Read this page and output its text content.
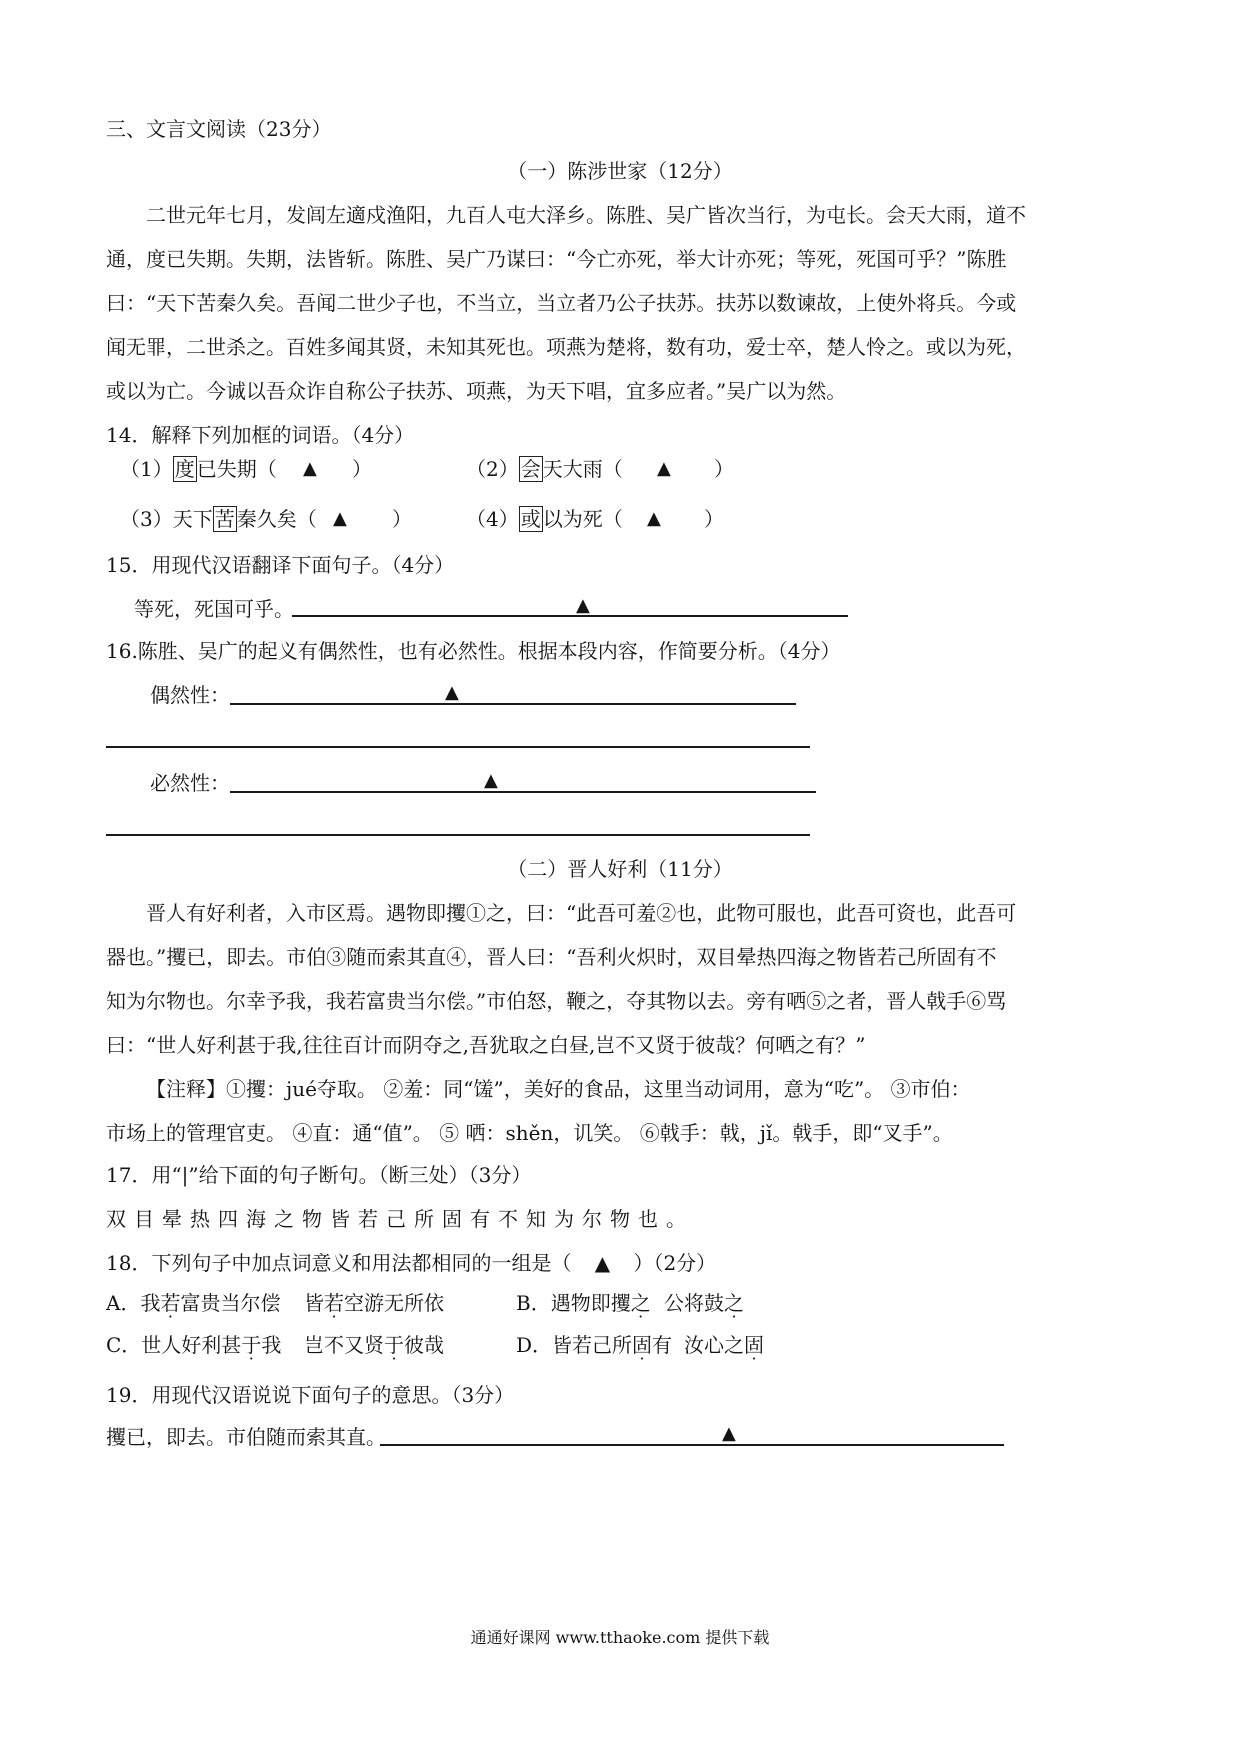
三、文言文阅读（23分）
（一）陈涉世家（12分）
二世元年七月，发闾左適戍渔阳，九百人屯大泽乡。陈胜、吴广皆次当行，为屯长。会天大雨，道不
通，度已失期。失期，法皆斩。陈胜、吴广乃谋曰：“今亡亦死，举大计亦死；等死，死国可乎？”陈胜
曰：“天下苦秦久矣。吾闻二世少子也，不当立，当立者乃公子扶苏。扶苏以数谏故，上使外将兵。今或
闻无罪，二世杀之。百姓多闻其贤，未知其死也。项燕为楚将，数有功，爱士卒，楚人怜之。或以为死，
或以为亡。今诚以吾众诈自称公子扶苏、项燕，为天下唱，宜多应者。”吴广以为然。
14．解释下列加框的词语。（4分）
（1） 度 已失期（ ▲ ）	（2） 会 天大雨（ ▲ ）
（3）天下 苦 秦久矣（ ▲ ）	（4） 或 以为死（ ▲ ）
15．用现代汉语翻译下面句子。（4分）
等死，死国可乎。	▲
16.陈胜、吴广的起义有偶然性，也有必然性。根据本段内容，作简要分析。（4分）
偶然性：	▲
必然性：	▲
（二）晋人好利（11分）
晋人有好利者，入市区焉。遇物即攫①之，曰：“此吾可羞②也，此物可服也，此吾可资也，此吾可
器也。”攫已，即去。市伯③随而索其直④，晋人曰：“吾利火炽时，双目晕热四海之物皆若己所固有不
知为尔物也。尔幸予我，我若富贵当尔偿。”市伯怒，鞭之，夺其物以去。旁有哂⑤之者，晋人戟手⑥骂
曰：“世人好利甚于我,往往百计而阴夺之,吾犹取之白昼,岂不又贤于彼哉？何哂之有？”
【注释】①攫：jué夺取。 ②羞：同“馐”，美好的食品，这里当动词用，意为“吃”。 ③市伯：
市场上的管理官吏。 ④直：通“值”。 ⑤ 哂：shěn，讥笑。 ⑥戟手：戟，jǐ。戟手，即“叉手”。
17．用“|”给下面的句子断句。（断三处）（3分）
双目晕热四海之物皆若己所固有不知为尔物也。
18．下列句子中加点词意义和用法都相同的一组是（ ▲ ）（2分）
A．我若富贵当尔偿 皆若空游无所依	B．遇物即攫之 公将鼓之
C．世人好利甚于我 岂不又贤于彼哉	D．皆若己所固有 汝心之固
19．用现代汉语说说下面句子的意思。（3分）
攫已，即去。市伯随而索其直。	▲
通通好课网 www.tthaoke.com 提供下载
